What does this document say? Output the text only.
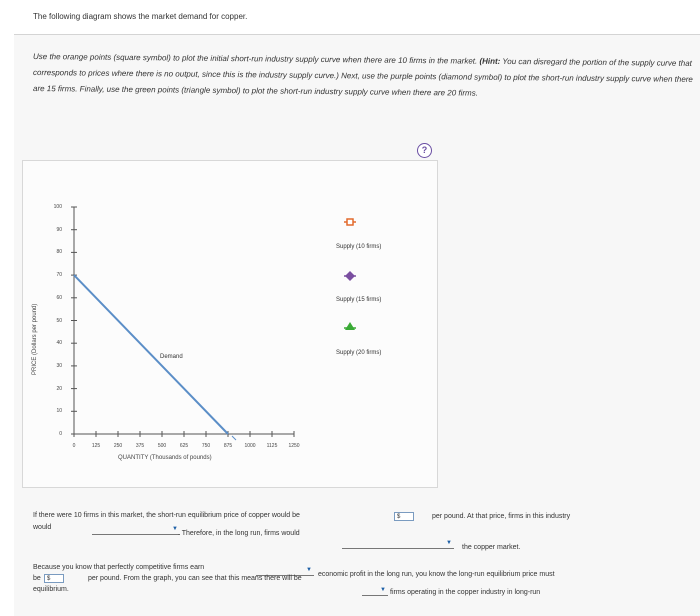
The following diagram shows the market demand for copper.
Use the orange points (square symbol) to plot the initial short-run industry supply curve when there are 10 firms in the market. (Hint: You can disregard the portion of the supply curve that corresponds to prices where there is no output, since this is the industry supply curve.) Next, use the purple points (diamond symbol) to plot the short-run industry supply curve when there are 15 firms. Finally, use the green points (triangle symbol) to plot the short-run industry supply curve when there are 20 firms.
?
PRICE (Dollars per pound)
0
10
20
30
40
50
60
70
80
90
100
0	125	250	375	500	625	750	875 1000 1125 1250
QUANTITY (Thousands of pounds)
Demand
Supply (10 firms)
Supply (15 firms)
Supply (20 firms)
If there were 10 firms in this market, the short-run equilibrium price of copper would be	$	per pound. At that price, firms in this industry
would	▼
. Therefore, in the long run, firms would
▼
the copper market.
Because you know that perfectly competitive firms earn	▼
economic profit in the long run, you know the long-run equilibrium price must
be	$	per pound. From the graph, you can see that this means there will be
▼ firms operating in the copper industry in long-run
equilibrium.
